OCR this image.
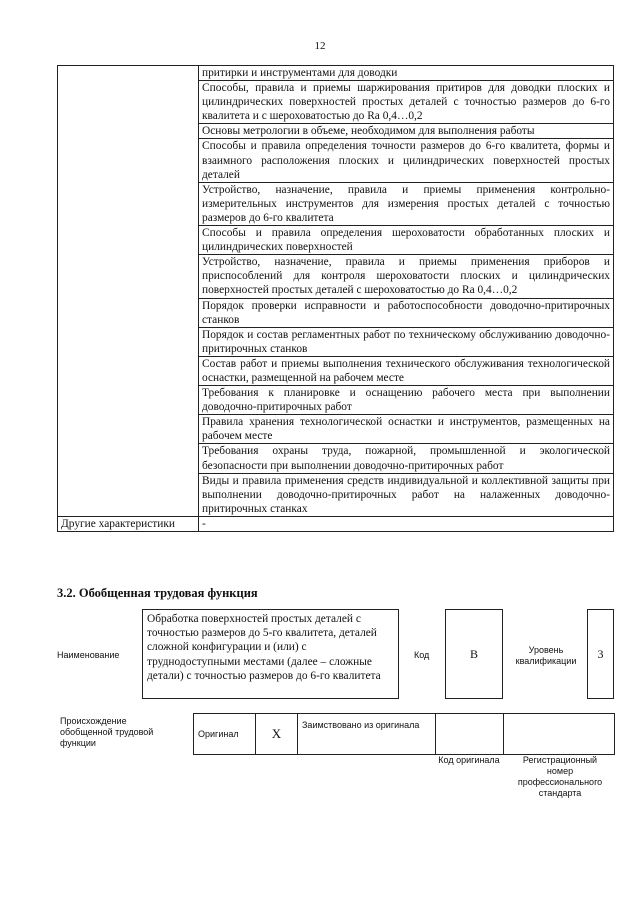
12
	притирки и инструментами для доводки
	Способы, правила и приемы шаржирования притиров для доводки плоских и цилиндрических поверхностей простых деталей с точностью размеров до 6-го квалитета и с шероховатостью до Ra 0,4…0,2
	Основы метрологии в объеме, необходимом для выполнения работы
	Способы и правила определения точности размеров до 6-го квалитета, формы и взаимного расположения плоских и цилиндрических поверхностей простых деталей
	Устройство, назначение, правила и приемы применения контрольно-измерительных инструментов для измерения простых деталей с точностью размеров до 6-го квалитета
	Способы и правила определения шероховатости обработанных плоских и цилиндрических поверхностей
	Устройство, назначение, правила и приемы применения приборов и приспособлений для контроля шероховатости плоских и цилиндрических поверхностей простых деталей с шероховатостью до Ra 0,4…0,2
	Порядок проверки исправности и работоспособности доводочно-притирочных станков
	Порядок и состав регламентных работ по техническому обслуживанию доводочно-притирочных станков
	Состав работ и приемы выполнения технического обслуживания технологической оснастки, размещенной на рабочем месте
	Требования к планировке и оснащению рабочего места при выполнении доводочно-притирочных работ
	Правила хранения технологической оснастки и инструментов, размещенных на рабочем месте
	Требования охраны труда, пожарной, промышленной и экологической безопасности при выполнении доводочно-притирочных работ
	Виды и правила применения средств индивидуальной и коллективной защиты при выполнении доводочно-притирочных работ на налаженных доводочно-притирочных станках
Другие характеристики	-
3.2. Обобщенная трудовая функция
Наименование
Обработка поверхностей простых деталей с точностью размеров до 5-го квалитета, деталей сложной конфигурации и (или) с труднодоступными местами (далее – сложные детали) с точностью размеров до 6-го квалитета
Код	B	Уровень
квалификации	3
Происхождение обобщенной трудовой функции
Оригинал	X	Заимствовано из оригинала		
Код оригинала	Регистрационный номер профессионального стандарта
